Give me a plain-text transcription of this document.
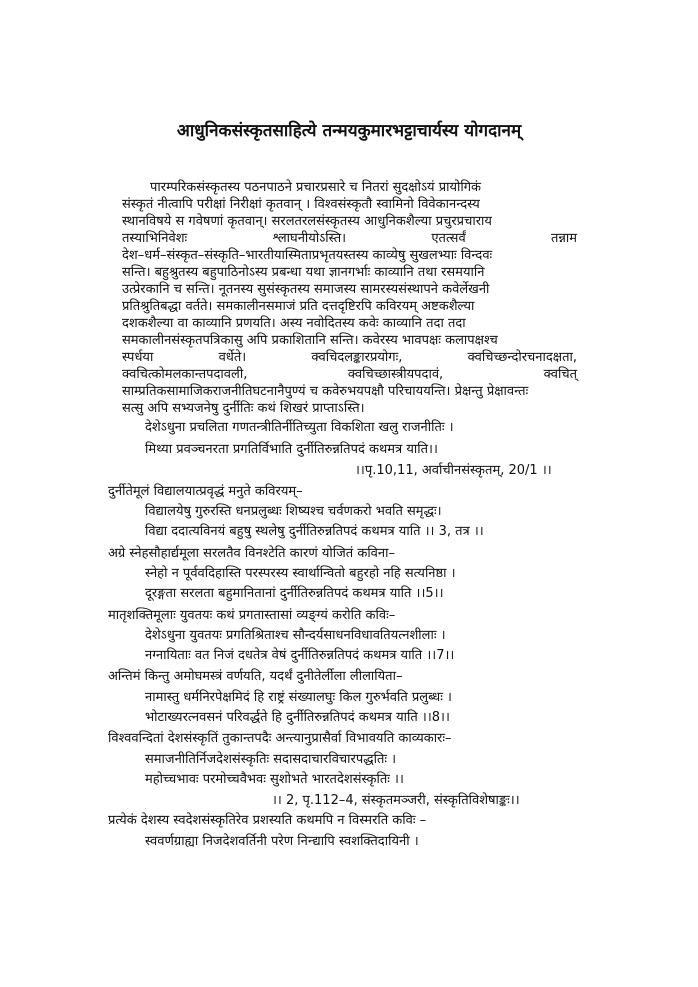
आधुनिकसंस्कृतसाहित्ये तन्मयकुमारभट्टाचार्यस्य योगदानम्
पारम्परिकसंस्कृतस्य पठनपाठने प्रचारप्रसारे च नितरां सुदक्षोऽयं प्रायोगिकं
संस्कृतं नीत्वापि परीक्षां निरीक्षां कृतवान् । विश्वसंस्कृतौ स्वामिनो विवेकानन्दस्य
स्थानविषये स गवेषणां कृतवान्। सरलतरलसंस्कृतस्य आधुनिकशैल्या प्रचुरप्रचाराय
तस्याभिनिवेशः श्लाघनीयोऽस्ति। एतत्सर्वं तन्नाम
देश–धर्म–संस्कृत–संस्कृति–भारतीयास्मिताप्रभृतयस्तस्य काव्येषु सुखलभ्याः विन्दवः
सन्ति। बहुश्रुतस्य बहुपाठिनोऽस्य प्रबन्धा यथा ज्ञानगर्भाः काव्यानि तथा रसमयानि
उत्प्रेरकानि च सन्ति। नूतनस्य सुसंस्कृतस्य समाजस्य सामरस्यसंस्थापने कवेर्लेखनी
प्रतिश्रुतिबद्धा वर्तते। समकालीनसमाजं प्रति दत्तदृष्टिरपि कविरयम् अष्टकशैल्या
दशकशैल्या वा काव्यानि प्रणयति। अस्य नवोदितस्य कवेः काव्यानि तदा तदा
समकालीनसंस्कृतपत्रिकासु अपि प्रकाशितानि सन्ति। कवेरस्य भावपक्षः कलापक्षश्च
स्पर्धया वर्धेते। क्वचिदलङ्कारप्रयोगः, क्वचिच्छन्दोरचनादक्षता,
क्वचित्कोमलकान्तपदावली, क्वचिच्छास्त्रीयपदावं, क्वचित्
साम्प्रतिकसामाजिकराजनीतिघटनानैपुण्यं च कवेरुभयपक्षौ परिचाययन्ति। प्रेक्षन्तु प्रेक्षावन्तः
सत्सु अपि सभ्यजनेषु दुर्नीतिः कथं शिखरं प्राप्ताऽस्ति।
देशेऽधुना प्रचलिता गणतन्त्रीतिर्नीतिच्युता विकशिता खलु राजनीतिः ।
मिथ्या प्रवञ्चनरता प्रगतिर्विभाति दुर्नीतिरुन्नतिपदं कथमत्र याति।।
।।पृ.10,11, अर्वाचीनसंस्कृतम्, 20/1 ।।
दुर्नीतेमूलं विद्यालयात्प्रवृद्धं मनुते कविरयम्–
विद्यालयेषु गुरुरस्ति धनप्रलुब्धः शिष्यश्च चर्वणकरो भवति समृद्धः।
विद्या ददात्यविनयं बहुषु स्थलेषु दुर्नीतिरुन्नतिपदं कथमत्र याति ।। 3, तत्र ।।
अग्रे स्नेहसौहार्द्यमूला सरलतैव विनश्टेति कारणं योजितं कविना–
स्नेहो न पूर्ववदिहास्ति परस्परस्य स्वार्थान्वितो बहुरहो नहि सत्यनिष्ठा ।
दूरङ्गता सरलता बहुमानितानां दुर्नीतिरुन्नतिपदं कथमत्र याति ।।5।।
मातृशक्तिमूलाः युवतयः कथं प्रगतास्तासां व्यङ्ग्यं करोति कविः–
देशेऽधुना युवतयः प्रगतिश्रिताश्च सौन्दर्यसाधनविधावतियत्नशीलाः ।
नग्नायिताः वत निजं दधतेत्र वेषं दुर्नीतिरुन्नतिपदं कथमत्र याति ।।7।।
अन्तिमं किन्तु अमोघमस्त्रं वर्णयति, यदर्थं दुनीतेर्लीला लीलायिता–
नामास्तु धर्मनिरपेक्षमिदं हि राष्ट्रं संख्यालघुः किल गुरुर्भवति प्रलुब्धः ।
भोटाख्यरत्नवसनं परिवर्द्धते हि दुर्नीतिरुन्नतिपदं कथमत्र याति ।।8।।
विश्ववन्दितां देशसंस्कृतिं तुकान्तपदैः अन्त्यानुप्रासैर्वा विभावयति काव्यकारः–
समाजनीतिर्निजदेशसंस्कृतिः सदासदाचारविचारपद्धतिः ।
महोच्चभावः परमोच्चवैभवः सुशोभते भारतदेशसंस्कृतिः ।।
।। 2, पृ.112–4, संस्कृतमञ्जरी, संस्कृतिविशेषाङ्कः।।
प्रत्येकं देशस्य स्वदेशसंस्कृतिरेव प्रशस्यति कथमपि न विस्मरति कविः –
स्ववर्णग्राह्या निजदेशवर्तिनी परेण निन्द्यापि स्वशक्तिदायिनी ।
